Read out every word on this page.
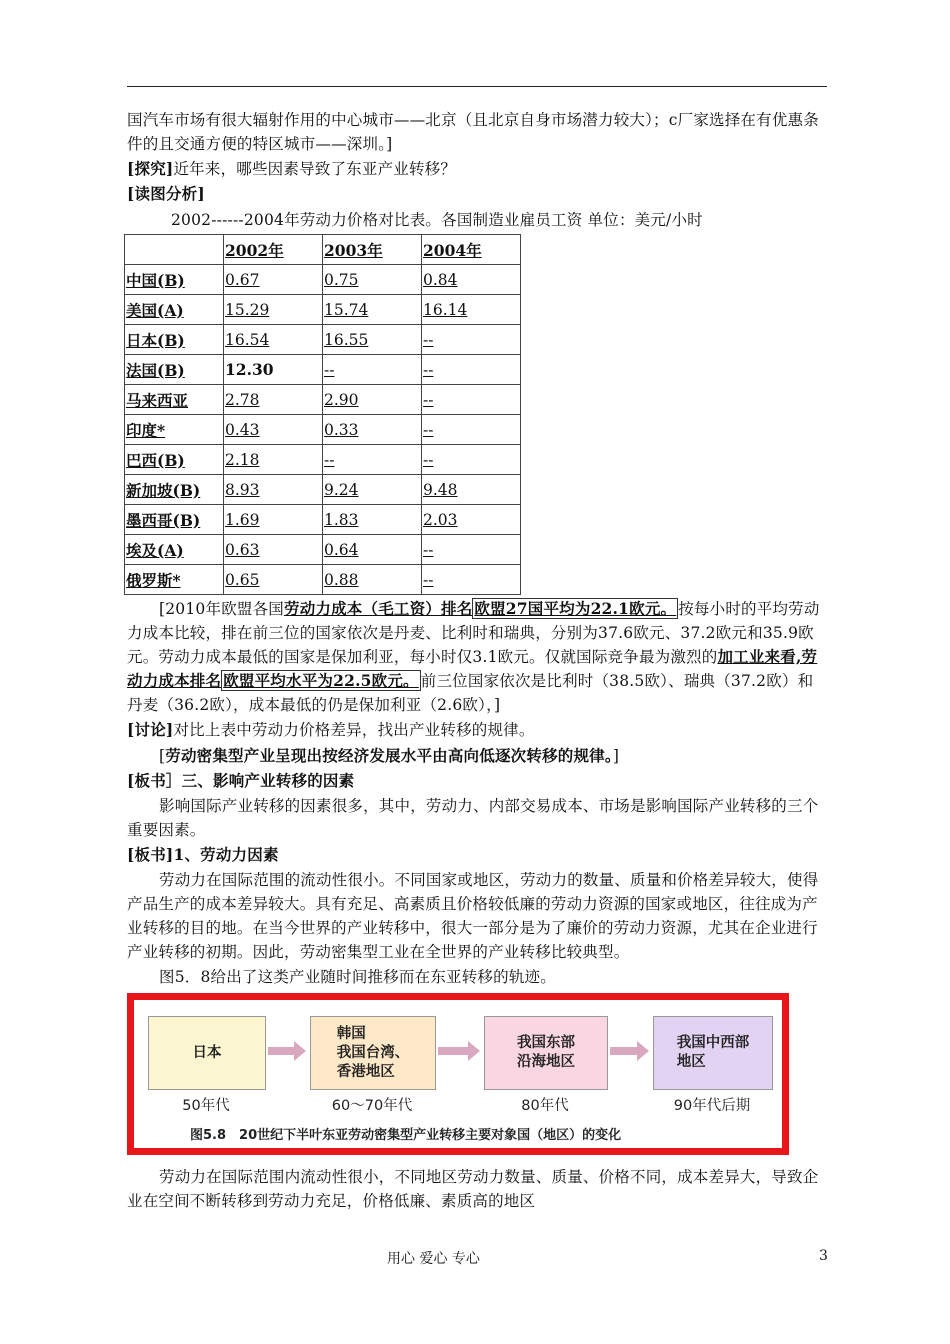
国汽车市场有很大辐射作用的中心城市——北京（且北京自身市场潜力较大）；c厂家选择在有优惠条件的且交通方便的特区城市——深圳。]

[探究]近年来，哪些因素导致了东亚产业转移？

[读图分析]

2002------2004年劳动力价格对比表。各国制造业雇员工资 单位：美元/小时

	2002年	2003年	2004年
中国(B)	0.67	0.75	0.84
美国(A)	15.29	15.74	16.14
日本(B)	16.54	16.55	--
法国(B)	12.30	--	--
马来西亚	2.78	2.90	--
印度*	0.43	0.33	--
巴西(B)	2.18	--	--
新加坡(B)	8.93	9.24	9.48
墨西哥(B)	1.69	1.83	2.03
埃及(A)	0.63	0.64	--
俄罗斯*	0.65	0.88	--

[2010年欧盟各国劳动力成本（毛工资）排名 欧盟27国平均为22.1欧元。 按每小时的平均劳动力成本比较，排在前三位的国家依次是丹麦、比利时和瑞典，分别为37.6欧元、37.2欧元和35.9欧元。劳动力成本最低的国家是保加利亚，每小时仅3.1欧元。仅就国际竞争最为激烈的加工业来看,劳动力成本排名 欧盟平均水平为22.5欧元。 前三位国家依次是比利时（38.5欧）、瑞典（37.2欧）和丹麦（36.2欧），成本最低的仍是保加利亚（2.6欧），]

[讨论]对比上表中劳动力价格差异，找出产业转移的规律。

[劳动密集型产业呈现出按经济发展水平由高向低逐次转移的规律。]

[板书］三、影响产业转移的因素

影响国际产业转移的因素很多，其中，劳动力、内部交易成本、市场是影响国际产业转移的三个重要因素。

[板书]1、劳动力因素

劳动力在国际范围的流动性很小。不同国家或地区，劳动力的数量、质量和价格差异较大，使得产品生产的成本差异较大。具有充足、高素质且价格较低廉的劳动力资源的国家或地区，往往成为产业转移的目的地。在当今世界的产业转移中，很大一部分是为了廉价的劳动力资源，尤其在企业进行产业转移的初期。因此，劳动密集型工业在全世界的产业转移比较典型。

图5．8给出了这类产业随时间推移而在东亚转移的轨迹。

日本
50年代
韩国
我国台湾、
香港地区
60～70年代
我国东部
沿海地区
80年代
我国中西部
地区
90年代后期
图5.8　20世纪下半叶东亚劳动密集型产业转移主要对象国（地区）的变化

劳动力在国际范围内流动性很小，不同地区劳动力数量、质量、价格不同，成本差异大，导致企业在空间不断转移到劳动力充足，价格低廉、素质高的地区

用心 爱心 专心	3
